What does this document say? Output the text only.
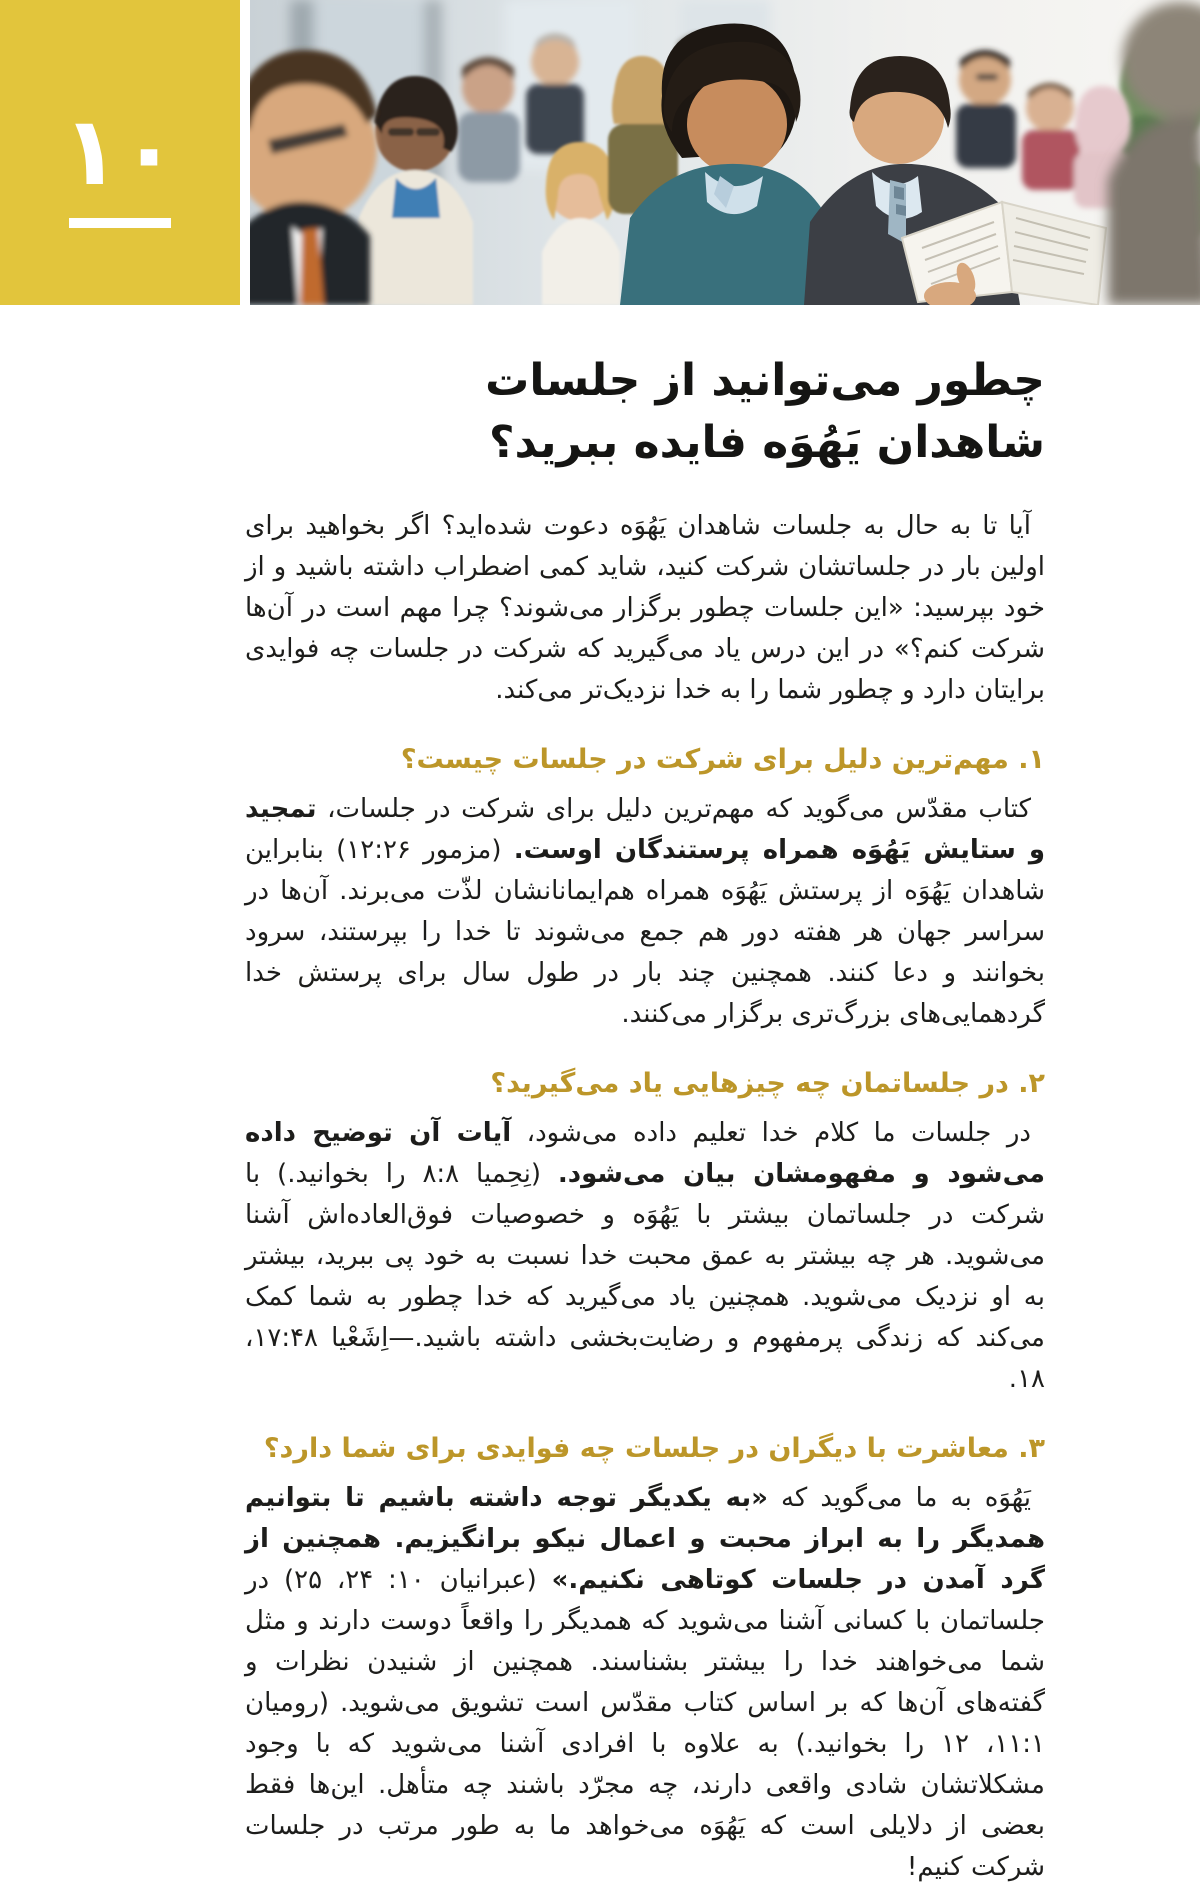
۱۰
چطور می‌توانید از جلسات
شاهدان یَهُوَه فایده ببرید؟

آیا تا به حال به جلسات شاهدان یَهُوَه دعوت شده‌اید؟ اگر بخواهید برای اولین بار در جلساتشان شرکت کنید، شاید کمی اضطراب داشته باشید و از خود بپرسید: «این جلسات چطور برگزار می‌شوند؟ چرا مهم است در آن‌ها شرکت کنم؟» در این درس یاد می‌گیرید که شرکت در جلسات چه فوایدی برایتان دارد و چطور شما را به خدا نزدیک‌تر می‌کند.

۱. مهم‌ترین دلیل برای شرکت در جلسات چیست؟

کتاب مقدّس می‌گوید که مهم‌ترین دلیل برای شرکت در جلسات، تمجید و ستایش یَهُوَه همراه پرستندگان اوست. (مزمور ۱۲:۲۶) بنابراین شاهدان یَهُوَه از پرستش یَهُوَه همراه هم‌ایمانانشان لذّت می‌برند. آن‌ها در سراسر جهان هر هفته دور هم جمع می‌شوند تا خدا را بپرستند، سرود بخوانند و دعا کنند. همچنین چند بار در طول سال برای پرستش خدا گردهمایی‌های بزرگ‌تری برگزار می‌کنند.

۲. در جلساتمان چه چیزهایی یاد می‌گیرید؟

در جلسات ما کلام خدا تعلیم داده می‌شود، آیات آن توضیح داده می‌شود و مفهومشان بیان می‌شود. (نِحِمیا ۸:۸ را بخوانید.) با شرکت در جلساتمان بیشتر با یَهُوَه و خصوصیات فوق‌العاده‌اش آشنا می‌شوید. هر چه بیشتر به عمق محبت خدا نسبت به خود پی ببرید، بیشتر به او نزدیک می‌شوید. همچنین یاد می‌گیرید که خدا چطور به شما کمک می‌کند که زندگی پرمفهوم و رضایت‌بخشی داشته باشید.—اِشَعْیا ۱۷:۴۸، ۱۸.

۳. معاشرت با دیگران در جلسات چه فوایدی برای شما دارد؟

یَهُوَه به ما می‌گوید که «به یکدیگر توجه داشته باشیم تا بتوانیم همدیگر را به ابراز محبت و اعمال نیکو برانگیزیم. همچنین از گرد آمدن در جلسات کوتاهی نکنیم.» (عبرانیان ۱۰: ۲۴، ۲۵) در جلساتمان با کسانی آشنا می‌شوید که همدیگر را واقعاً دوست دارند و مثل شما می‌خواهند خدا را بیشتر بشناسند. همچنین از شنیدن نظرات و گفته‌های آن‌ها که بر اساس کتاب مقدّس است تشویق می‌شوید. (رومیان ۱۱:۱، ۱۲ را بخوانید.) به علاوه با افرادی آشنا می‌شوید که با وجود مشکلاتشان شادی واقعی دارند، چه مجرّد باشند چه متأهل. این‌ها فقط بعضی از دلایلی است که یَهُوَه می‌خواهد ما به طور مرتب در جلسات شرکت کنیم!
